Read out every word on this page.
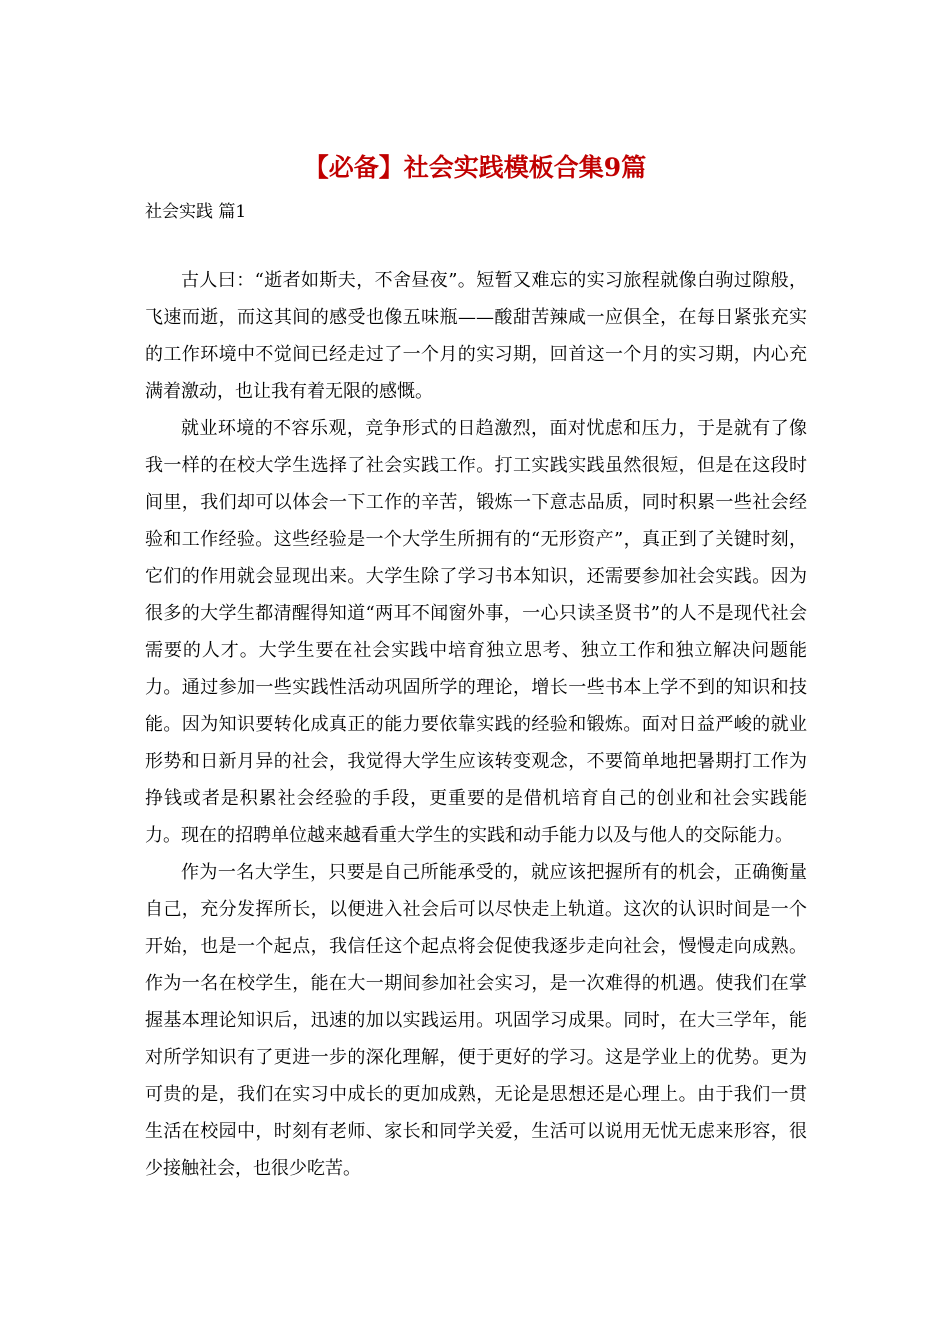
【必备】社会实践模板合集9篇
社会实践 篇1

古人曰：“逝者如斯夫，不舍昼夜”。短暂又难忘的实习旅程就像白驹过隙般，飞速而逝，而这其间的感受也像五味瓶——酸甜苦辣咸一应俱全，在每日紧张充实的工作环境中不觉间已经走过了一个月的实习期，回首这一个月的实习期，内心充满着激动，也让我有着无限的感慨。

就业环境的不容乐观，竞争形式的日趋激烈，面对忧虑和压力，于是就有了像我一样的在校大学生选择了社会实践工作。打工实践实践虽然很短，但是在这段时间里，我们却可以体会一下工作的辛苦，锻炼一下意志品质，同时积累一些社会经验和工作经验。这些经验是一个大学生所拥有的“无形资产”，真正到了关键时刻，它们的作用就会显现出来。大学生除了学习书本知识，还需要参加社会实践。因为很多的大学生都清醒得知道“两耳不闻窗外事，一心只读圣贤书”的人不是现代社会需要的人才。大学生要在社会实践中培育独立思考、独立工作和独立解决问题能力。通过参加一些实践性活动巩固所学的理论，增长一些书本上学不到的知识和技能。因为知识要转化成真正的能力要依靠实践的经验和锻炼。面对日益严峻的就业形势和日新月异的社会，我觉得大学生应该转变观念，不要简单地把暑期打工作为挣钱或者是积累社会经验的手段，更重要的是借机培育自己的创业和社会实践能力。现在的招聘单位越来越看重大学生的实践和动手能力以及与他人的交际能力。

作为一名大学生，只要是自己所能承受的，就应该把握所有的机会，正确衡量自己，充分发挥所长，以便进入社会后可以尽快走上轨道。这次的认识时间是一个开始，也是一个起点，我信任这个起点将会促使我逐步走向社会，慢慢走向成熟。作为一名在校学生，能在大一期间参加社会实习，是一次难得的机遇。使我们在掌握基本理论知识后，迅速的加以实践运用。巩固学习成果。同时，在大三学年，能对所学知识有了更进一步的深化理解，便于更好的学习。这是学业上的优势。更为可贵的是，我们在实习中成长的更加成熟，无论是思想还是心理上。由于我们一贯生活在校园中，时刻有老师、家长和同学关爱，生活可以说用无忧无虑来形容，很少接触社会，也很少吃苦。
